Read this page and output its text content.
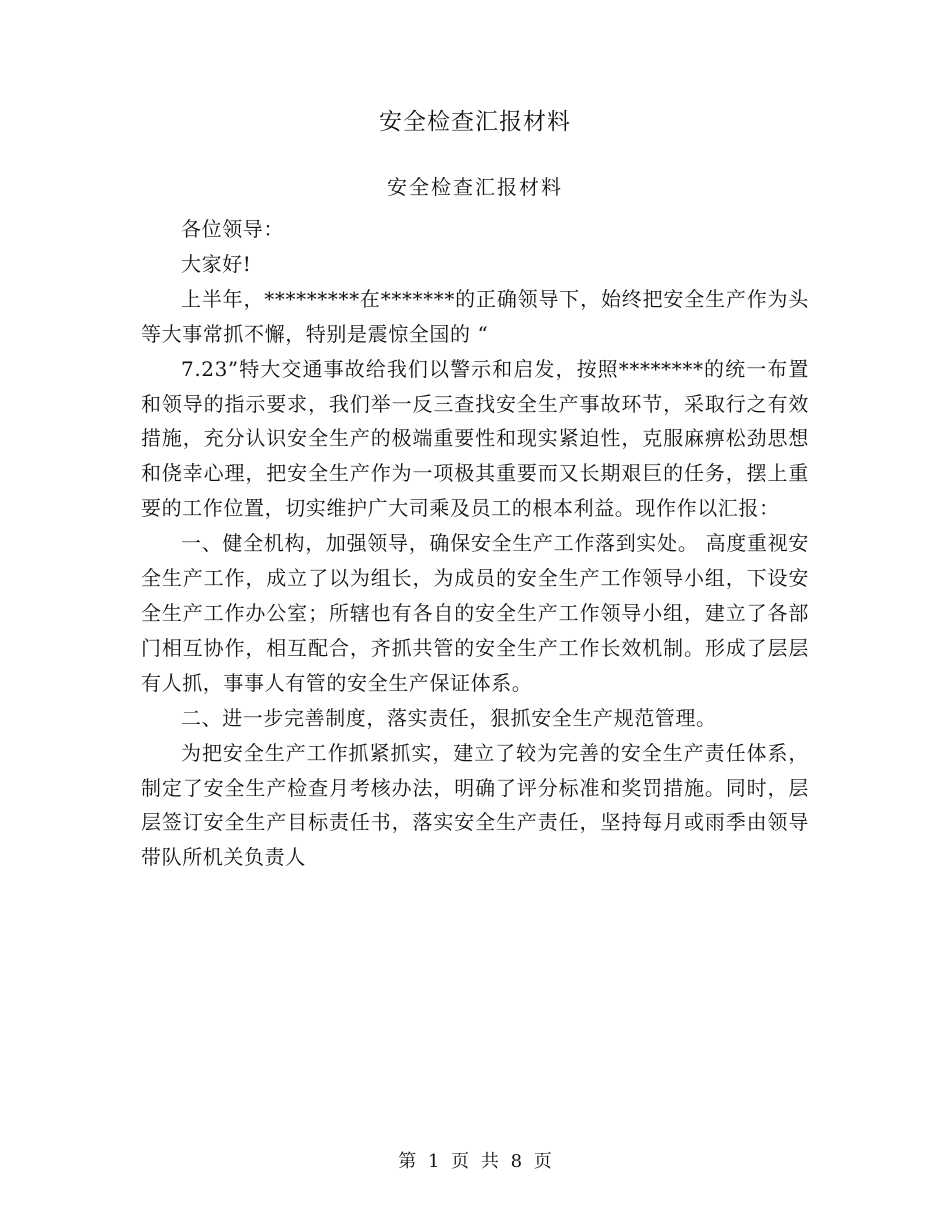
安全检查汇报材料
安全检查汇报材料

各位领导：

大家好!

上半年，*********在*******的正确领导下，始终把安全生产作为头等大事常抓不懈，特别是震惊全国的 “

7.23”特大交通事故给我们以警示和启发，按照********的统一布置和领导的指示要求，我们举一反三查找安全生产事故环节，采取行之有效措施，充分认识安全生产的极端重要性和现实紧迫性，克服麻痹松劲思想和侥幸心理，把安全生产作为一项极其重要而又长期艰巨的任务，摆上重要的工作位置，切实维护广大司乘及员工的根本利益。现作作以汇报：

一、健全机构，加强领导，确保安全生产工作落到实处。 高度重视安全生产工作，成立了以为组长，为成员的安全生产工作领导小组，下设安全生产工作办公室；所辖也有各自的安全生产工作领导小组，建立了各部门相互协作，相互配合，齐抓共管的安全生产工作长效机制。形成了层层有人抓，事事人有管的安全生产保证体系。

二、进一步完善制度，落实责任，狠抓安全生产规范管理。

为把安全生产工作抓紧抓实，建立了较为完善的安全生产责任体系，制定了安全生产检查月考核办法，明确了评分标准和奖罚措施。同时，层层签订安全生产目标责任书，落实安全生产责任，坚持每月或雨季由领导带队所机关负责人

第 1 页 共 8 页
